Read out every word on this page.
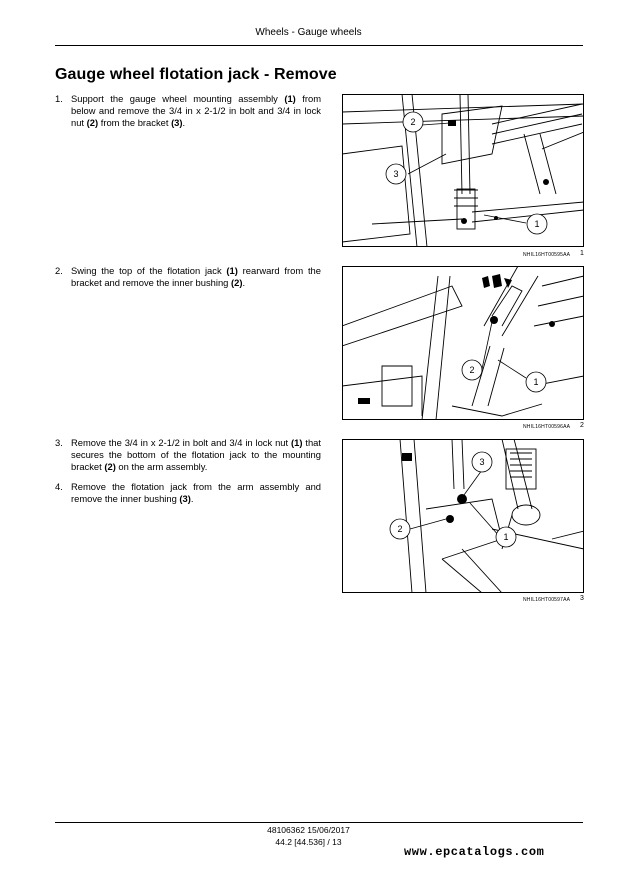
Wheels - Gauge wheels
Gauge wheel flotation jack - Remove
1. Support the gauge wheel mounting assembly (1) from below and remove the 3/4 in x 2-1/2 in bolt and 3/4 in lock nut (2) from the bracket (3).
2. Swing the top of the flotation jack (1) rearward from the bracket and remove the inner bushing (2).
3. Remove the 3/4 in x 2-1/2 in bolt and 3/4 in lock nut (1) that secures the bottom of the flotation jack to the mounting bracket (2) on the arm assembly.
4. Remove the flotation jack from the arm assembly and remove the inner bushing (3).
2
3
1
NHIL16HT00595AA 1
2
1
NHIL16HT00596AA 2
3
2
1
NHIL16HT00597AA 3
48106362 15/06/2017
44.2 [44.536] / 13
www.epcatalogs.com
